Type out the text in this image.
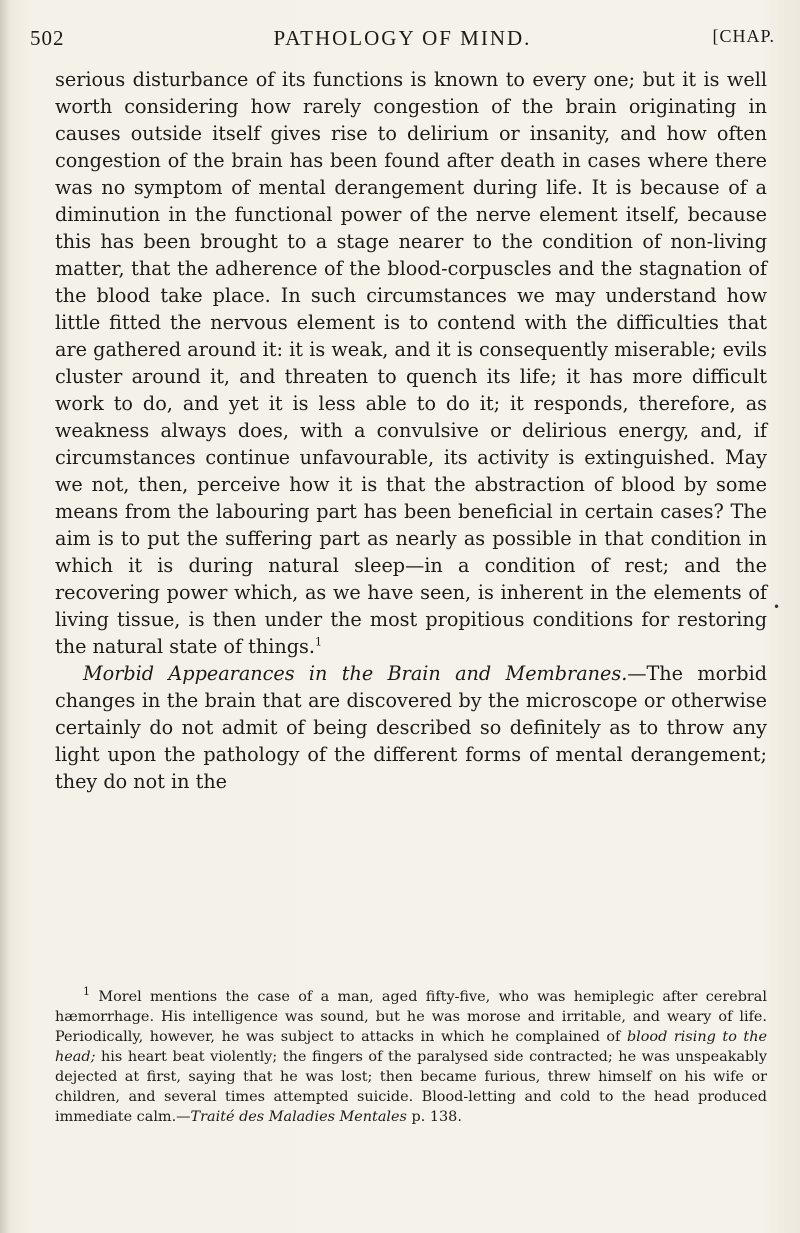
502	PATHOLOGY OF MIND.	[CHAP.

serious disturbance of its functions is known to every one; but it is well worth considering how rarely congestion of the brain originating in causes outside itself gives rise to delirium or insanity, and how often congestion of the brain has been found after death in cases where there was no symptom of mental derangement during life. It is because of a diminution in the functional power of the nerve element itself, because this has been brought to a stage nearer to the condition of non-living matter, that the adherence of the blood-corpuscles and the stagnation of the blood take place. In such circumstances we may understand how little fitted the nervous element is to contend with the difficulties that are gathered around it: it is weak, and it is consequently miserable; evils cluster around it, and threaten to quench its life; it has more difficult work to do, and yet it is less able to do it; it responds, therefore, as weakness always does, with a convulsive or delirious energy, and, if circumstances continue unfavourable, its activity is extinguished. May we not, then, perceive how it is that the abstraction of blood by some means from the labouring part has been beneficial in certain cases? The aim is to put the suffering part as nearly as possible in that condition in which it is during natural sleep—in a condition of rest; and the recovering power which, as we have seen, is inherent in the elements of living tissue, is then under the most propitious conditions for restoring the natural state of things.$^1$

Morbid Appearances in the Brain and Membranes.—The morbid changes in the brain that are discovered by the microscope or otherwise certainly do not admit of being described so definitely as to throw any light upon the pathology of the different forms of mental derangement; they do not in the

$^1$ Morel mentions the case of a man, aged fifty-five, who was hemiplegic after cerebral hæmorrhage. His intelligence was sound, but he was morose and irritable, and weary of life. Periodically, however, he was subject to attacks in which he complained of blood rising to the head; his heart beat violently; the fingers of the paralysed side contracted; he was unspeakably dejected at first, saying that he was lost; then became furious, threw himself on his wife or children, and several times attempted suicide. Blood-letting and cold to the head produced immediate calm.—Traité des Maladies Mentales p. 138.
•
